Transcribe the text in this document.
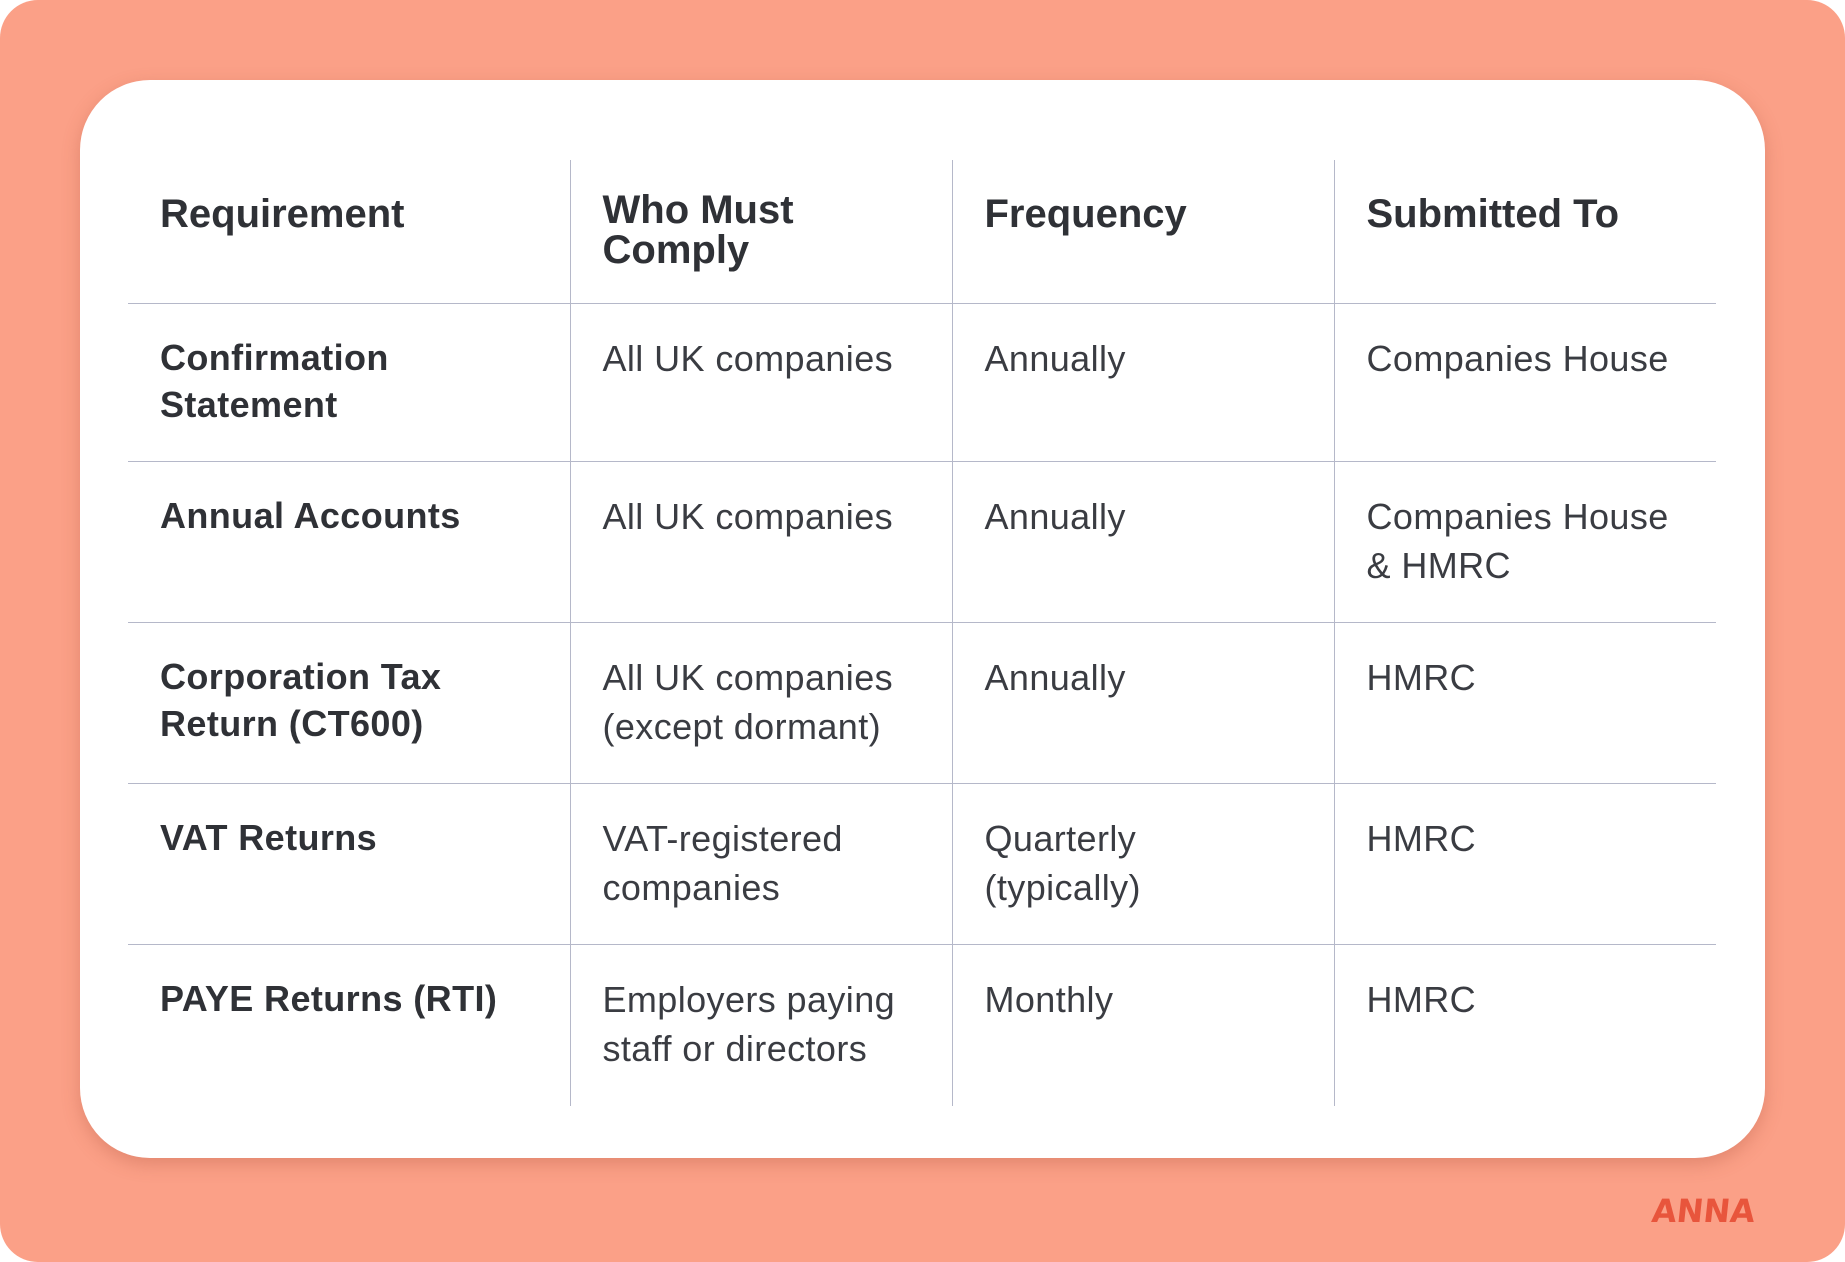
Requirement	Who Must Comply	Frequency	Submitted To
Confirmation Statement	All UK companies	Annually	Companies House
Annual Accounts	All UK companies	Annually	Companies House & HMRC
Corporation Tax Return (CT600)	All UK companies (except dormant)	Annually	HMRC
VAT Returns	VAT-registered companies	Quarterly (typically)	HMRC
PAYE Returns (RTI)	Employers paying staff or directors	Monthly	HMRC
ANNA
